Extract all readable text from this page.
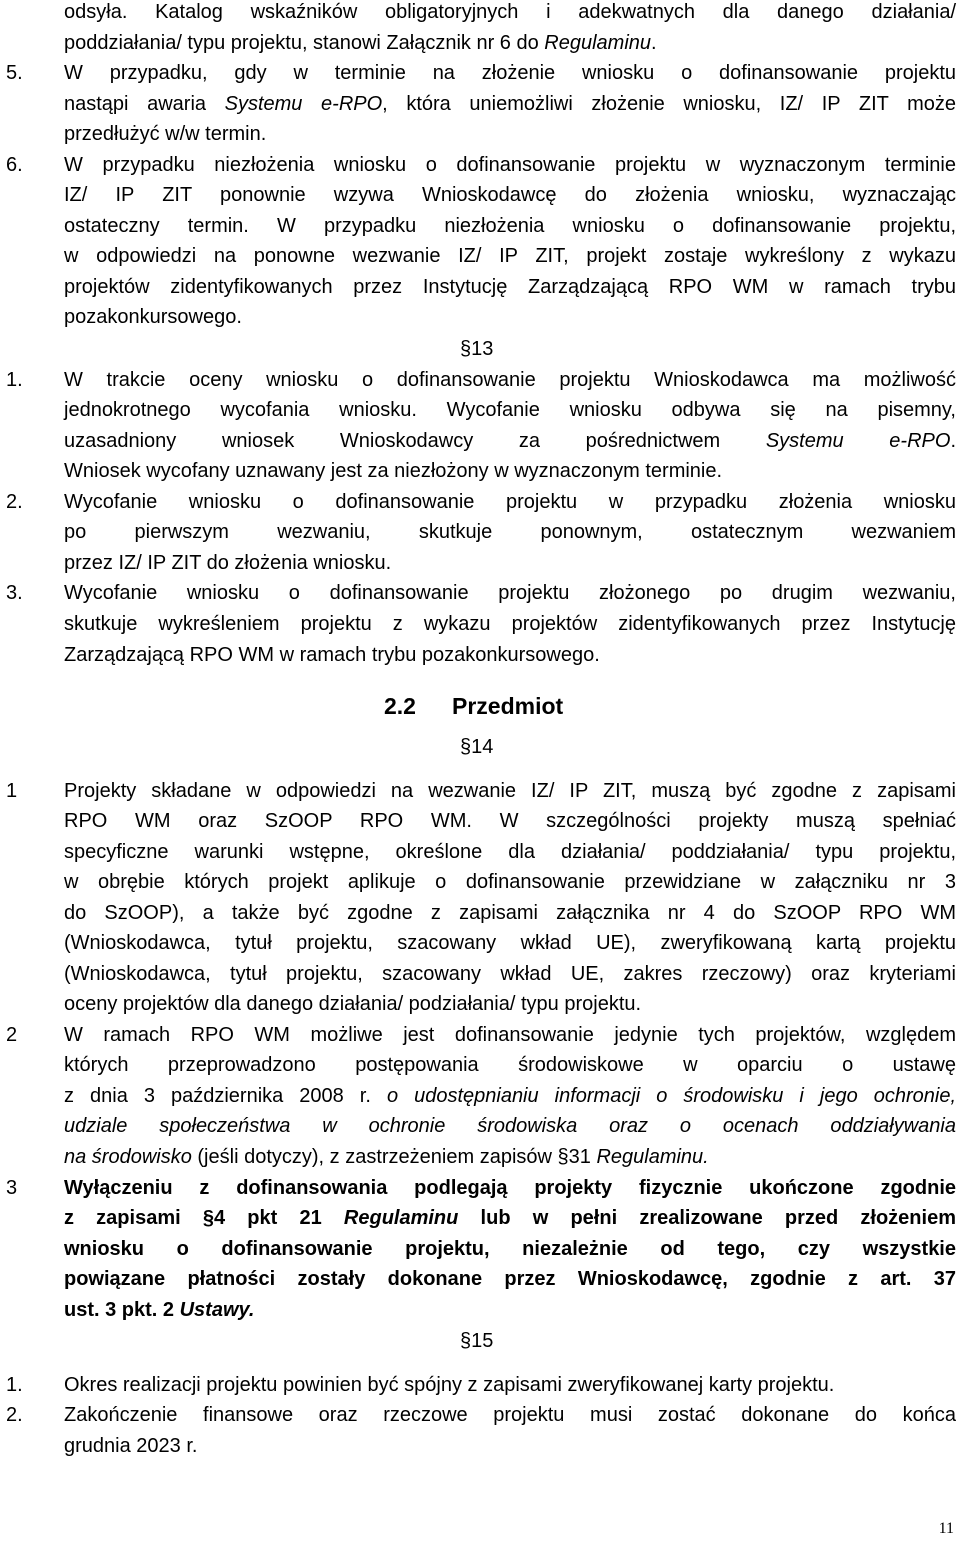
odsyła. Katalog wskaźników obligatoryjnych i adekwatnych dla danego działania/
poddziałania/ typu projektu, stanowi Załącznik nr 6 do Regulaminu.
5. W przypadku, gdy w terminie na złożenie wniosku o dofinansowanie projektu
nastąpi awaria Systemu e-RPO, która uniemożliwi złożenie wniosku, IZ/ IP ZIT może
przedłużyć w/w termin.
6. W przypadku niezłożenia wniosku o dofinansowanie projektu w wyznaczonym terminie
IZ/ IP ZIT ponownie wzywa Wnioskodawcę do złożenia wniosku, wyznaczając
ostateczny termin. W przypadku niezłożenia wniosku o dofinansowanie projektu,
w odpowiedzi na ponowne wezwanie IZ/ IP ZIT, projekt zostaje wykreślony z wykazu
projektów zidentyfikowanych przez Instytucję Zarządzającą RPO WM w ramach trybu
pozakonkursowego.
§13
1. W trakcie oceny wniosku o dofinansowanie projektu Wnioskodawca ma możliwość
jednokrotnego wycofania wniosku. Wycofanie wniosku odbywa się na pisemny,
uzasadniony wniosek Wnioskodawcy za pośrednictwem Systemu e-RPO.
Wniosek wycofany uznawany jest za niezłożony w wyznaczonym terminie.
2. Wycofanie wniosku o dofinansowanie projektu w przypadku złożenia wniosku
po pierwszym wezwaniu, skutkuje ponownym, ostatecznym wezwaniem
przez IZ/ IP ZIT do złożenia wniosku.
3. Wycofanie wniosku o dofinansowanie projektu złożonego po drugim wezwaniu,
skutkuje wykreśleniem projektu z wykazu projektów zidentyfikowanych przez Instytucję
Zarządzającą RPO WM w ramach trybu pozakonkursowego.
2.2 Przedmiot
§14
1 Projekty składane w odpowiedzi na wezwanie IZ/ IP ZIT, muszą być zgodne z zapisami
RPO WM oraz SzOOP RPO WM. W szczególności projekty muszą spełniać
specyficzne warunki wstępne, określone dla działania/ poddziałania/ typu projektu,
w obrębie których projekt aplikuje o dofinansowanie przewidziane w załączniku nr 3
do SzOOP), a także być zgodne z zapisami załącznika nr 4 do SzOOP RPO WM
(Wnioskodawca, tytuł projektu, szacowany wkład UE), zweryfikowaną kartą projektu
(Wnioskodawca, tytuł projektu, szacowany wkład UE, zakres rzeczowy) oraz kryteriami
oceny projektów dla danego działania/ podziałania/ typu projektu.
2 W ramach RPO WM możliwe jest dofinansowanie jedynie tych projektów, względem
których przeprowadzono postępowania środowiskowe w oparciu o ustawę
z dnia 3 października 2008 r. o udostępnianiu informacji o środowisku i jego ochronie,
udziale społeczeństwa w ochronie środowiska oraz o ocenach oddziaływania
na środowisko (jeśli dotyczy), z zastrzeżeniem zapisów §31 Regulaminu.
3 Wyłączeniu z dofinansowania podlegają projekty fizycznie ukończone zgodnie
z zapisami §4 pkt 21 Regulaminu lub w pełni zrealizowane przed złożeniem
wniosku o dofinansowanie projektu, niezależnie od tego, czy wszystkie
powiązane płatności zostały dokonane przez Wnioskodawcę, zgodnie z art. 37
ust. 3 pkt. 2 Ustawy.
§15
1. Okres realizacji projektu powinien być spójny z zapisami zweryfikowanej karty projektu.
2. Zakończenie finansowe oraz rzeczowe projektu musi zostać dokonane do końca
grudnia 2023 r.
11
